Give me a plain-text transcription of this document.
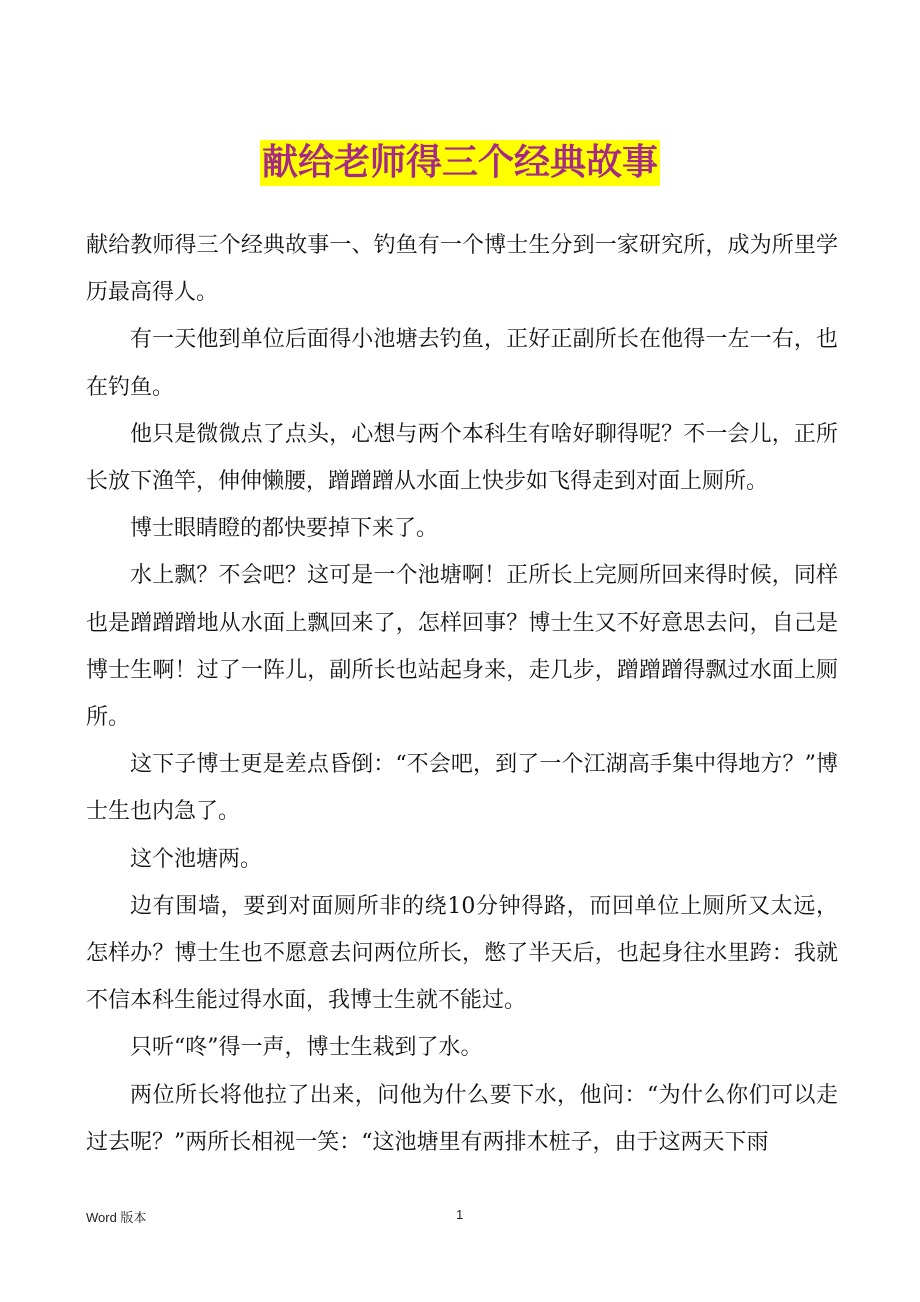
献给老师得三个经典故事

献给教师得三个经典故事一、钓鱼有一个博士生分到一家研究所，成为所里学历最高得人。

有一天他到单位后面得小池塘去钓鱼，正好正副所长在他得一左一右，也在钓鱼。

他只是微微点了点头，心想与两个本科生有啥好聊得呢？不一会儿，正所长放下渔竿，伸伸懒腰，蹭蹭蹭从水面上快步如飞得走到对面上厕所。

博士眼睛瞪的都快要掉下来了。

水上飘？不会吧？这可是一个池塘啊！正所长上完厕所回来得时候，同样也是蹭蹭蹭地从水面上飘回来了，怎样回事？博士生又不好意思去问，自己是博士生啊！过了一阵儿，副所长也站起身来，走几步，蹭蹭蹭得飘过水面上厕所。

这下子博士更是差点昏倒：“不会吧，到了一个江湖高手集中得地方？”博士生也内急了。

这个池塘两。

边有围墙，要到对面厕所非的绕10分钟得路，而回单位上厕所又太远，怎样办？博士生也不愿意去问两位所长，憋了半天后，也起身往水里跨：我就不信本科生能过得水面，我博士生就不能过。

只听“咚”得一声，博士生栽到了水。

两位所长将他拉了出来，问他为什么要下水，他问：“为什么你们可以走过去呢？”两所长相视一笑：“这池塘里有两排木桩子，由于这两天下雨

Word 版本	1
